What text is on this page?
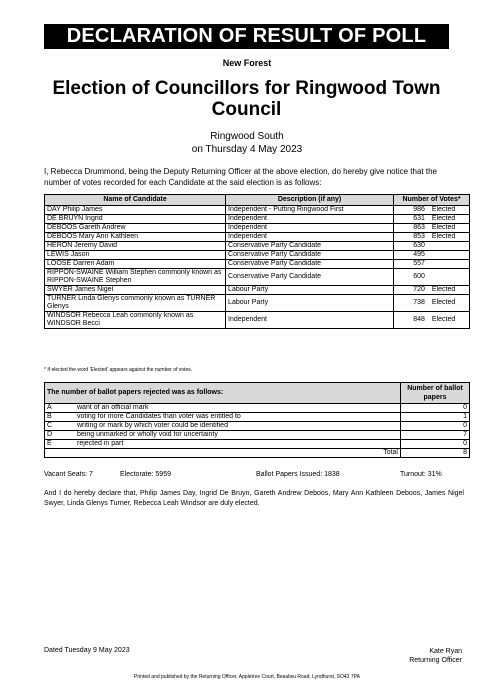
DECLARATION OF RESULT OF POLL
New Forest
Election of Councillors for Ringwood Town Council
Ringwood South
on Thursday 4 May 2023
I, Rebecca Drummond, being the Deputy Returning Officer at the above election, do hereby give notice that the number of votes recorded for each Candidate at the said election is as follows:
Name of Candidate	Description (if any)	Number of Votes*	
DAY Philip James	Independent - Putting Ringwood First	986	Elected
DE BRUYN Ingrid	Independent	631	Elected
DEBOOS Gareth Andrew	Independent	863	Elected
DEBOOS Mary Ann Kathleen	Independent	853	Elected
HERON Jeremy David	Conservative Party Candidate	630	
LEWIS Jason	Conservative Party Candidate	495	
LOOSE Darren Adam	Conservative Party Candidate	557	
RIPPON-SWAINE William Stephen commonly known as RIPPON-SWAINE Stephen	Conservative Party Candidate	600	
SWYER James Nigel	Labour Party	720	Elected
TURNER Linda Glenys commonly known as TURNER Glenys	Labour Party	738	Elected
WINDSOR Rebecca Leah commonly known as WINDSOR Becci	Independent	848	Elected
* If elected the word 'Elected' appears against the number of votes.
The number of ballot papers rejected was as follows:		Number of ballot papers
A	want of an official mark	0
B	voting for more Candidates than voter was entitled to	1
C	writing or mark by which voter could be identified	0
D	being unmarked or wholly void for uncertainty	7
E	rejected in part	0
Total		8
Vacant Seats: 7	Electorate: 5959	Ballot Papers Issued: 1838	Turnout: 31%
And I do hereby declare that, Philip James Day, Ingrid De Bruyn, Gareth Andrew Deboos, Mary Ann Kathleen Deboos, James Nigel Swyer, Linda Glenys Turner, Rebecca Leah Windsor are duly elected.
Dated Tuesday 9 May 2023	Kate Ryan
Returning Officer
Printed and published by the Returning Officer, Appletree Court, Beaulieu Road, Lyndhurst, SO43 7PA
